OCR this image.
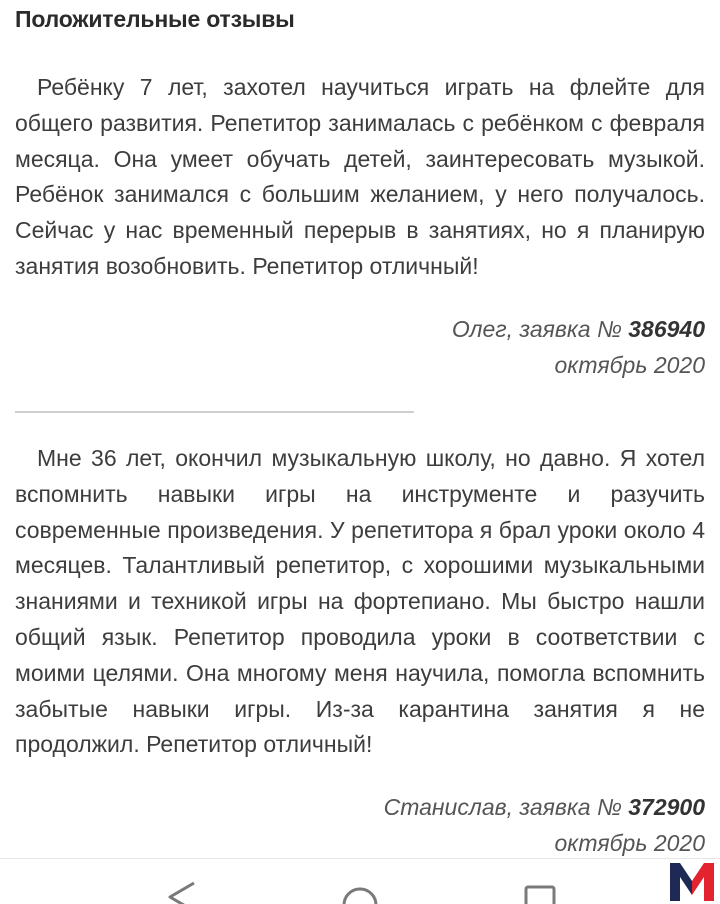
Положительные отзывы

Ребёнку 7 лет, захотел научиться играть на флейте для общего развития. Репетитор занималась с ребёнком с февраля месяца. Она умеет обучать детей, заинтересовать музыкой. Ребёнок занимался с большим желанием, у него получалось. Сейчас у нас временный перерыв в занятиях, но я планирую занятия возобновить. Репетитор отличный!

Олег, заявка № 386940
октябрь 2020

Мне 36 лет, окончил музыкальную школу, но давно. Я хотел вспомнить навыки игры на инструменте и разучить современные произведения. У репетитора я брал уроки около 4 месяцев. Талантливый репетитор, с хорошими музыкальными знаниями и техникой игры на фортепиано. Мы быстро нашли общий язык. Репетитор проводила уроки в соответствии с моими целями. Она многому меня научила, помогла вспомнить забытые навыки игры. Из-за карантина занятия я не продолжил. Репетитор отличный!

Станислав, заявка № 372900
октябрь 2020
